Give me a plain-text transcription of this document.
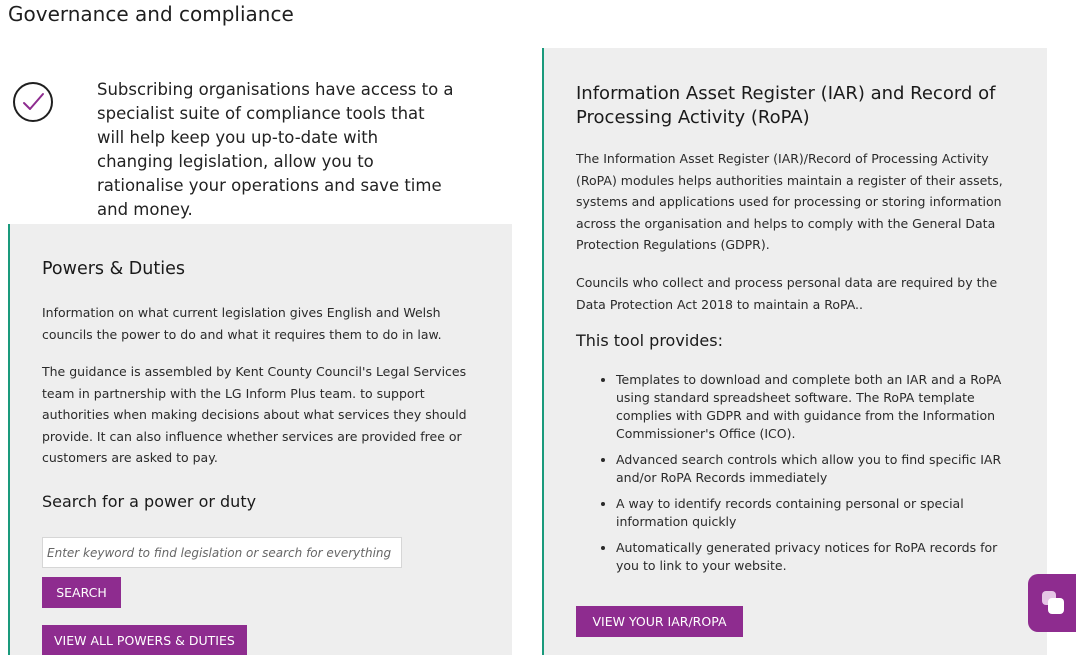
Governance and compliance

Subscribing organisations have access to a specialist suite of compliance tools that will help keep you up-to-date with changing legislation, allow you to rationalise your operations and save time and money.

Powers & Duties

Information on what current legislation gives English and Welsh councils the power to do and what it requires them to do in law.

The guidance is assembled by Kent County Council's Legal Services team in partnership with the LG Inform Plus team. to support authorities when making decisions about what services they should provide. It can also influence whether services are provided free or customers are asked to pay.

Search for a power or duty
Enter keyword to find legislation or search for everything
SEARCH
VIEW ALL POWERS & DUTIES
Information Asset Register (IAR) and Record of Processing Activity (RoPA)

The Information Asset Register (IAR)/Record of Processing Activity (RoPA) modules helps authorities maintain a register of their assets, systems and applications used for processing or storing information across the organisation and helps to comply with the General Data Protection Regulations (GDPR).

Councils who collect and process personal data are required by the Data Protection Act 2018 to maintain a RoPA..

This tool provides:
• Templates to download and complete both an IAR and a RoPA using standard spreadsheet software. The RoPA template complies with GDPR and with guidance from the Information Commissioner's Office (ICO).
• Advanced search controls which allow you to find specific IAR and/or RoPA Records immediately
• A way to identify records containing personal or special information quickly
• Automatically generated privacy notices for RoPA records for you to link to your website.
VIEW YOUR IAR/ROPA
